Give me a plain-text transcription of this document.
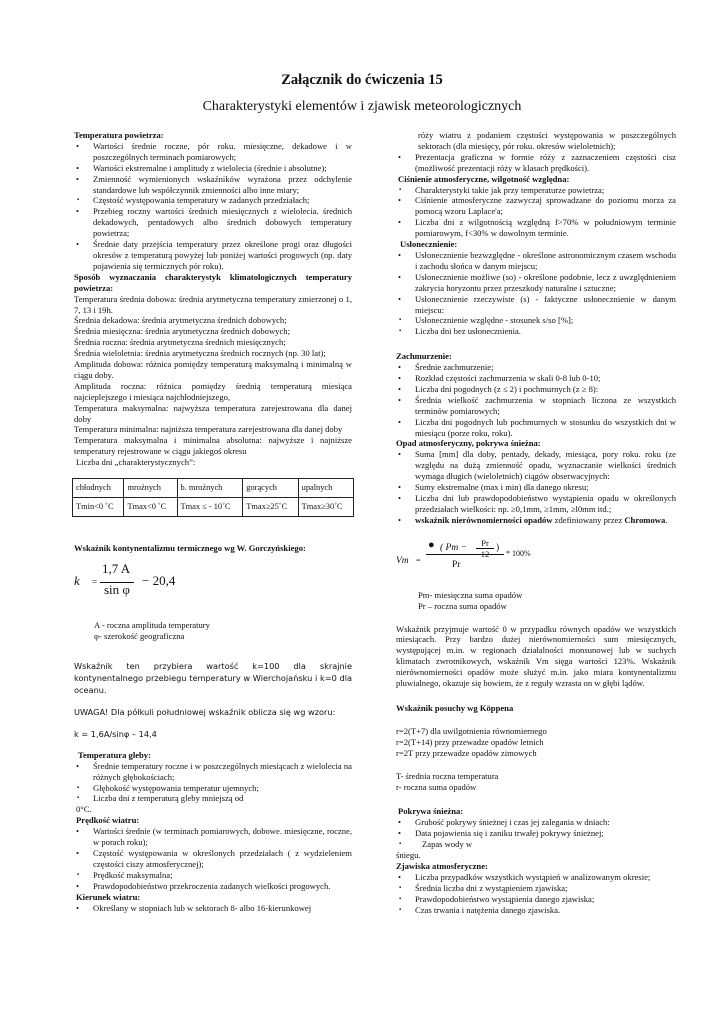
Załącznik do ćwiczenia 15
Charakterystyki elementów i zjawisk meteorologicznych
Temperatura powietrza:
• Wartości średnie roczne, pór roku. miesięczne, dekadowe i w poszczególnych terminach pomiarowych;
• Wartości ekstremalne i amplitudy z wielolecia (średnie i absolutne);
• Zmienność wymienionych wskaźników wyrażona przez odchylenie standardowe lub współczynnik zmienności albo inne miary;
▪ Częstość występowania temperatury w zadanych przedziałach;
• Przebieg roczny wartości średnich miesięcznych z wielolecia. średnich dekadowych, pentadowych albo średnich dobowych temperatury powietrza;
• Średnie daty przejścia temperatury przez określone progi oraz długości okresów z temperaturą powyżej lub poniżej wartości progowych (np. daty pojawienia się termicznych pór roku).
Sposób wyznaczania charakterystyk klimatologicznych temperatury powietrza:
Temperatura średnia dobowa: średnia arytmetyczna temperatury zmierzonej o 1, 7, 13 i 19h.
Średnia dekadowa: średnia arytmetyczna średnich dobowych;
Średnia miesięczna: średnia arytmetyczna średnich dobowych;
Średnia roczna: średnia arytmetyczna średnich miesięcznych;
Średnia wieloletnia: średnia arytmetyczna średnich rocznych (np. 30 lat);
Amplituda dobowa: różnica pomiędzy temperaturą maksymalną i minimalną w ciągu doby.
Amplituda roczna: różnica pomiędzy średnią temperaturą miesiąca najcieplejszego i miesiąca najchłodniejszego,
Temperatura maksymalna: najwyższa temperatura zarejestrowana dla danej doby
Temperatura minimalna: najniższa temperatura zarejestrowana dla danej doby
Temperatura maksymalna i minimalna absolutna: najwyższe i najniższe temperatury rejestrowane w ciągu jakiegoś okresu
Liczba dni „charakterystycznych”:
chłodnych	mroźnych	b. mroźnych	gorących	upalnych
Tmin<0 ˚C	Tmax<0 ˚C	Tmax ≤ - 10˚C	Tmax≥25˚C	Tmax≥30˚C
Wskaźnik kontynentalizmu termicznego wg W. Gorczyńskiego:
k =
1,7 A
sin φ
− 20,4
A - roczna amplituda temperatury
φ- szerokość geograficzna
Wskaźnik ten przybiera wartość k=100 dla skrajnie kontynentalnego przebiegu temperatury w Wierchojańsku i k=0 dla oceanu.
UWAGA! Dla półkuli południowej wskaźnik oblicza się wg wzoru:
k = 1,6A/sinφ – 14,4
Temperatura gleby:
• Średnie temperatury roczne i w poszczególnych miesiącach z wielolecia na różnych głębokościach;
▪ Głębokość występowania temperatur ujemnych;
▪ Liczba dni z temperaturą gleby mniejszą od
0°C.
Prędkość wiatru:
• Wartości średnie (w terminach pomiarowych, dobowe. miesięczne, roczne, w porach roku);
• Częstość występowania w określonych przedziałach ( z wydzieleniem częstości ciszy atmosferycznej);
▪ Prędkość maksymalna;
• Prawdopodobieństwo przekroczenia zadanych wielkości progowych.
Kierunek wiatru:
• Określany w stopniach lub w sektorach 8- albo 16-kierunkowej
róży wiatru z podaniem częstości występowania w poszczególnych sektorach (dla miesięcy, pór roku. okresów wieloletnich);
• Prezentacja graficzna w formie róży z zaznaczeniem częstości cisz (możliwość prezentacji róży w klasach prędkości).
Ciśnienie atmosferyczne, wilgotność względna:
▪ Charakterystyki takie jak przy temperaturze powietrza;
• Ciśnienie atmosferyczne zazwyczaj sprowadzane do poziomu morza za pomocą wzoru Laplace'a;
• Liczba dni z wilgotnością względną f>70% w południowym terminie pomiarowym, f<30% w dowolnym terminie.
Usłonecznienie:
• Usłonecznienie bezwzględne - określone astronomicznym czasem wschodu i zachodu słońca w danym miejscu;
• Usłonecznienie możliwe (so) - określone podobnie, lecz z uwzględnieniem zakrycia horyzontu przez przeszkody naturalne i sztuczne;
• Usłonecznienie rzeczywiste (s) - faktyczne usłonecznienie w danym miejscu:
▪ Usłonecznienie względne - stosunek s/so [%];
▪ Liczba dni bez usłonecznienia.
Zachmurzenie:
• Średnie zachmurzenie;
• Rozkład częstości zachmurzenia w skali 0-8 lub 0-10;
• Liczba dni pogodnych (z ≤ 2) i pochmurnych (z ≥ 8):
• Średnia wielkość zachmurzenia w stopniach liczona ze wszystkich terminów pomiarowych;
• Liczba dni pogodnych lub pochmurnych w stosunku do wszystkich dni w miesiącu (porze roku, roku).
Opad atmosferyczny, pokrywa śnieżna:
• Suma [mm] dla doby, pentady, dekady, miesiąca, pory roku. roku (ze względu na dużą zmienność opadu, wyznaczanie wielkości średnich wymaga długich (wieloletnich) ciągów obserwacyjnych:
• Sumy ekstremalne (max i min) dla danego okresu;
• Liczba dni lub prawdopodobieństwo wystąpienia opadu w określonych przedziałach wielkości: np. ≥0,1mm, ≥1mm, ≥l0mm itd.;
• wskaźnik nierównomierności opadów zdefiniowany przez Chromowa.
Vm =
● ( $Pm - \frac{Pr}{12}$ )
Pr
* 100%
Pm- miesięczna suma opadów
Pr – roczna suma opadów
Wskaźnik przyjmuje wartość 0 w przypadku równych opadów we wszystkich miesiącach. Przy bardzo dużej nierównomierności sum miesięcznych, występującej m.in. w regionach działalności monsunowej lub w suchych klimatach zwrotnikowych, wskaźnik Vm sięga wartości 123%. Wskaźnik nierównomierności opadów może służyć m.in. jako miara kontynentalizmu pluwialnego, okazuje się bowiem, że z reguły wzrasta on w głębi lądów.
Wskaźnik posuchy wg Köppena
r=2(T+7) dla uwilgotnienia równomiernego
r=2(T+14) przy przewadze opadów letnich
r=2T przy przewadze opadów zimowych
T- średnia roczna temperatura
r- roczna suma opadów
Pokrywa śnieżna:
• Grubość pokrywy śnieżnej i czas jej zalegania w dniach:
• Data pojawienia się i zaniku trwałej pokrywy śnieżnej;
▪ Zapas wody w
śniegu.
Zjawiska atmosferyczne:
• Liczba przypadków wszystkich wystąpień w analizowanym okresie;
▪ Średnia liczba dni z wystąpieniem zjawiska;
▪ Prawdopodobieństwo wystąpienia danego zjawiska;
▪ Czas trwania i natężenia danego zjawiska.
